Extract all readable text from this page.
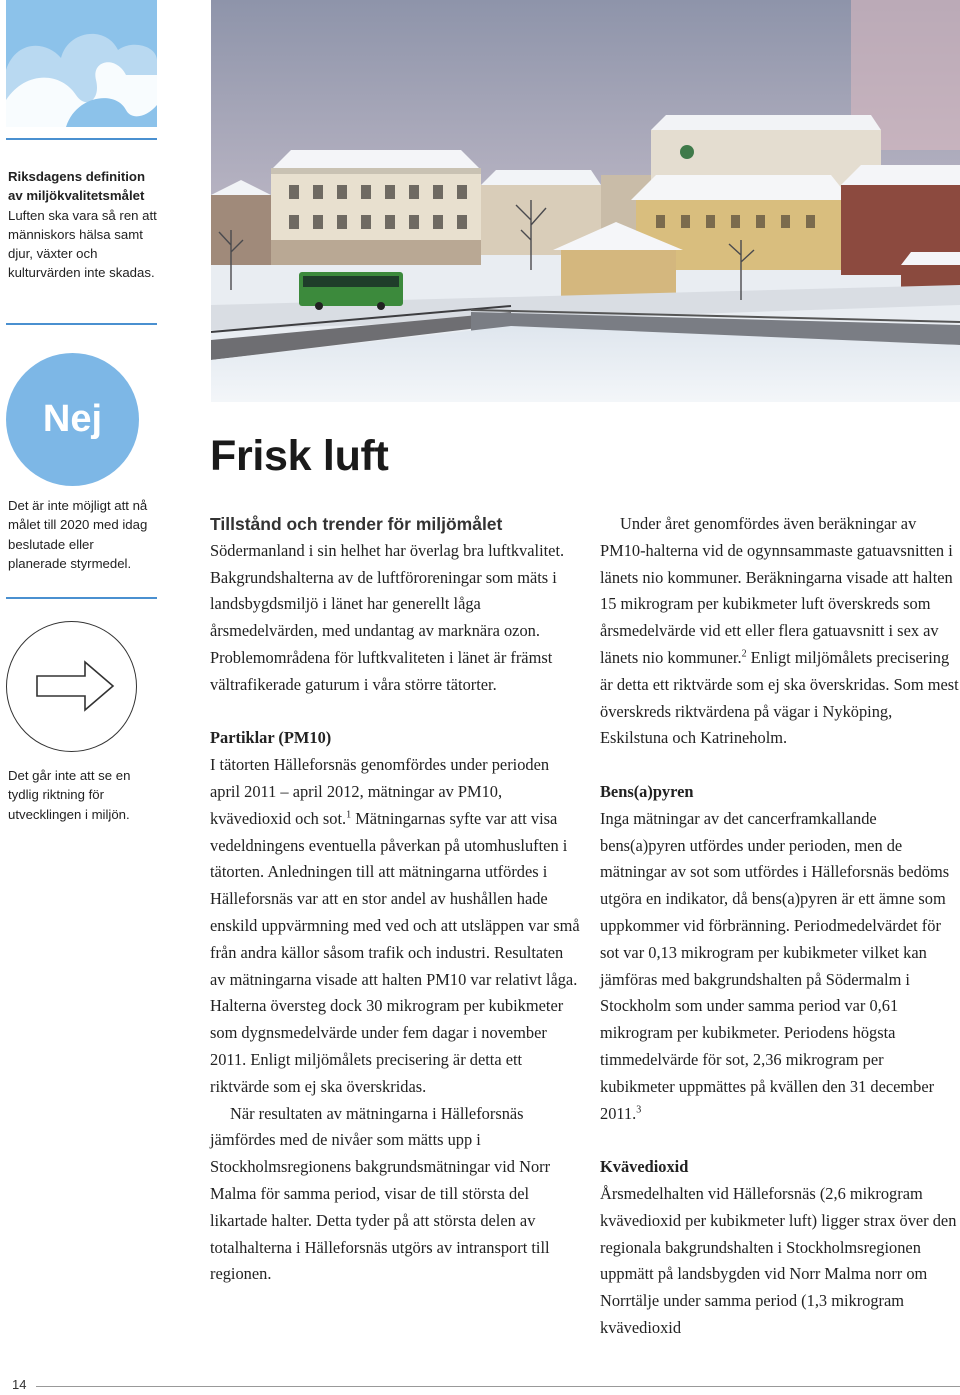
Riksdagens definition av miljökvalitetsmålet
Luften ska vara så ren att människors hälsa samt djur, växter och kulturvärden inte skadas.
Nej
Det är inte möjligt att nå målet till 2020 med idag beslutade eller planerade styrmedel.
Det går inte att se en tydlig riktning för utvecklingen i miljön.
14
Frisk luft
Tillstånd och trender för miljömålet

Södermanland i sin helhet har överlag bra luftkvalitet. Bakgrundshalterna av de luftföroreningar som mäts i landsbygdsmiljö i länet har generellt låga årsmedelvärden, med undantag av marknära ozon. Problemområdena för luftkvaliteten i länet är främst vältrafikerade gaturum i våra större tätorter.

Partiklar (PM10)

I tätorten Hälleforsnäs genomfördes under perioden april 2011 – april 2012, mätningar av PM10, kvävedioxid och sot.$^1$ Mätningarnas syfte var att visa vedeldningens eventuella påverkan på utomhusluften i tätorten. Anledningen till att mätningarna utfördes i Hälleforsnäs var att en stor andel av hushållen hade enskild uppvärmning med ved och att utsläppen var små från andra källor såsom trafik och industri. Resultaten av mätningarna visade att halten PM10 var relativt låga. Halterna översteg dock 30 mikrogram per kubikmeter som dygnsmedelvärde under fem dagar i november 2011. Enligt miljömålets precisering är detta ett riktvärde som ej ska överskridas.

När resultaten av mätningarna i Hälleforsnäs jämfördes med de nivåer som mätts upp i Stockholmsregionens bakgrundsmätningar vid Norr Malma för samma period, visar de till största del likartade halter. Detta tyder på att största delen av totalhalterna i Hälleforsnäs utgörs av intransport till regionen.

Under året genomfördes även beräkningar av PM10-halterna vid de ogynnsammaste gatuavsnitten i länets nio kommuner. Beräkningarna visade att halten 15 mikrogram per kubikmeter luft överskreds som årsmedelvärde vid ett eller flera gatuavsnitt i sex av länets nio kommuner.$^2$ Enligt miljömålets precisering är detta ett riktvärde som ej ska överskridas. Som mest överskreds riktvärdena på vägar i Nyköping, Eskilstuna och Katrineholm.

Bens(a)pyren

Inga mätningar av det cancerframkallande bens(a)pyren utfördes under perioden, men de mätningar av sot som utfördes i Hälleforsnäs bedöms utgöra en indikator, då bens(a)pyren är ett ämne som uppkommer vid förbränning. Periodmedelvärdet för sot var 0,13 mikrogram per kubikmeter vilket kan jämföras med bakgrundshalten på Södermalm i Stockholm som under samma period var 0,61 mikrogram per kubikmeter. Periodens högsta timmedelvärde för sot, 2,36 mikrogram per kubikmeter uppmättes på kvällen den 31 december 2011.$^3$

Kvävedioxid

Årsmedelhalten vid Hälleforsnäs (2,6 mikrogram kvävedioxid per kubikmeter luft) ligger strax över den regionala bakgrundshalten i Stockholmsregionen uppmätt på landsbygden vid Norr Malma norr om Norrtälje under samma period (1,3 mikrogram kvävedioxid
